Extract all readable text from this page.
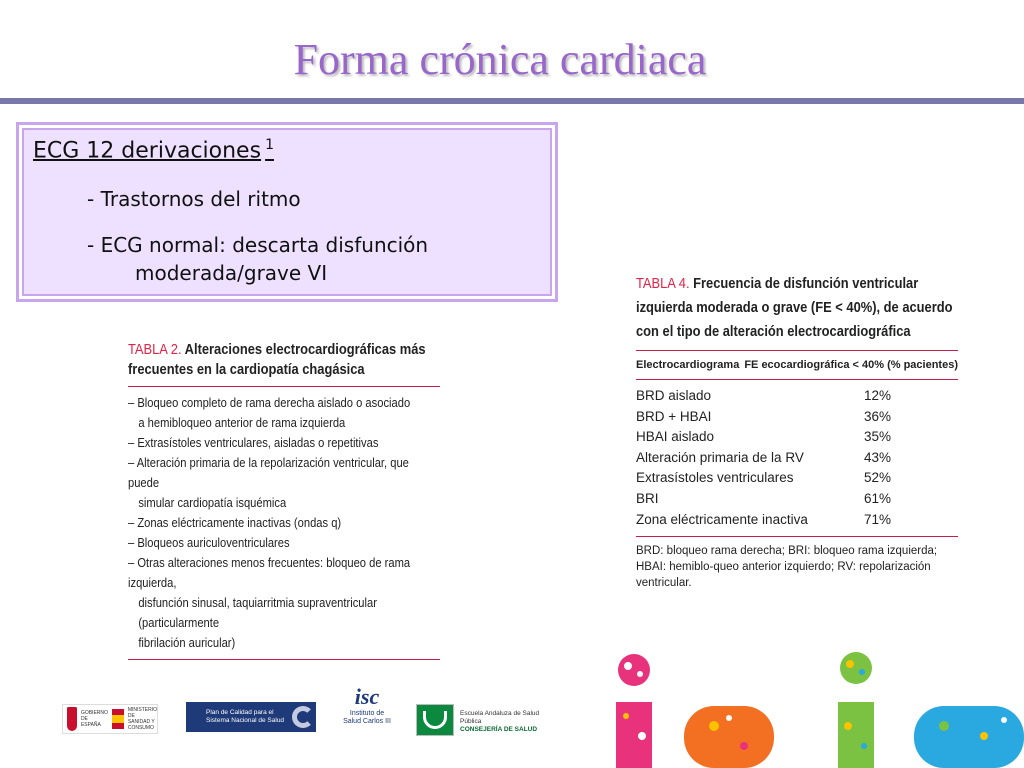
Forma crónica cardiaca
ECG 12 derivaciones $^1$
- Trastornos del ritmo
- ECG normal: descarta disfunción
moderada/grave VI
TABLA 2. Alteraciones electrocardiográficas más frecuentes en la cardiopatía chagásica
– Bloqueo completo de rama derecha aislado o asociado
a hemibloqueo anterior de rama izquierda
– Extrasístoles ventriculares, aisladas o repetitivas
– Alteración primaria de la repolarización ventricular, que puede
simular cardiopatía isquémica
– Zonas eléctricamente inactivas (ondas q)
– Bloqueos auriculoventriculares
– Otras alteraciones menos frecuentes: bloqueo de rama izquierda,
disfunción sinusal, taquiarritmia supraventricular (particularmente
fibrilación auricular)
TABLA 4. Frecuencia de disfunción ventricular izquierda moderada o grave (FE < 40%), de acuerdo con el tipo de alteración electrocardiográfica
Electrocardiograma FE ecocardiográfica < 40% (% pacientes)
BRD aislado	12%
BRD + HBAI	36%
HBAI aislado	35%
Alteración primaria de la RV	43%
Extrasístoles ventriculares	52%
BRI	61%
Zona eléctricamente inactiva	71%
BRD: bloqueo rama derecha; BRI: bloqueo rama izquierda; HBAI: hemiblo-queo anterior izquierdo; RV: repolarización ventricular.
GOBIERNO DE ESPAÑA
MINISTERIO DE SANIDAD Y CONSUMO
Plan de Calidad para el Sistema Nacional de Salud
isc
Instituto de Salud Carlos III
Escuela Andaluza de Salud Pública
CONSEJERÍA DE SALUD
